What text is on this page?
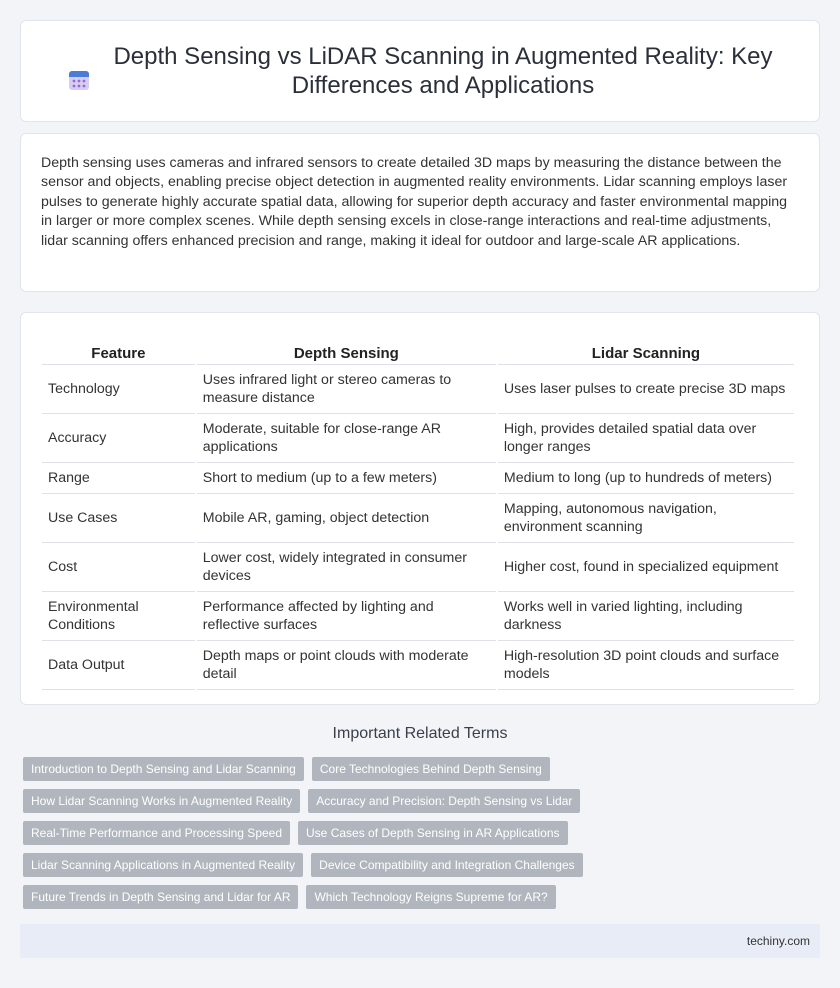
Depth Sensing vs LiDAR Scanning in Augmented Reality: Key Differences and Applications

Depth sensing uses cameras and infrared sensors to create detailed 3D maps by measuring the distance between the sensor and objects, enabling precise object detection in augmented reality environments. Lidar scanning employs laser pulses to generate highly accurate spatial data, allowing for superior depth accuracy and faster environmental mapping in larger or more complex scenes. While depth sensing excels in close-range interactions and real-time adjustments, lidar scanning offers enhanced precision and range, making it ideal for outdoor and large-scale AR applications.

Feature	Depth Sensing	Lidar Scanning
Technology	Uses infrared light or stereo cameras to measure distance	Uses laser pulses to create precise 3D maps
Accuracy	Moderate, suitable for close-range AR applications	High, provides detailed spatial data over longer ranges
Range	Short to medium (up to a few meters)	Medium to long (up to hundreds of meters)
Use Cases	Mobile AR, gaming, object detection	Mapping, autonomous navigation, environment scanning
Cost	Lower cost, widely integrated in consumer devices	Higher cost, found in specialized equipment
Environmental Conditions	Performance affected by lighting and reflective surfaces	Works well in varied lighting, including darkness
Data Output	Depth maps or point clouds with moderate detail	High-resolution 3D point clouds and surface models
Important Related Terms
Introduction to Depth Sensing and Lidar Scanning	Core Technologies Behind Depth Sensing
How Lidar Scanning Works in Augmented Reality	Accuracy and Precision: Depth Sensing vs Lidar
Real-Time Performance and Processing Speed	Use Cases of Depth Sensing in AR Applications
Lidar Scanning Applications in Augmented Reality	Device Compatibility and Integration Challenges
Future Trends in Depth Sensing and Lidar for AR	Which Technology Reigns Supreme for AR?
techiny.com
